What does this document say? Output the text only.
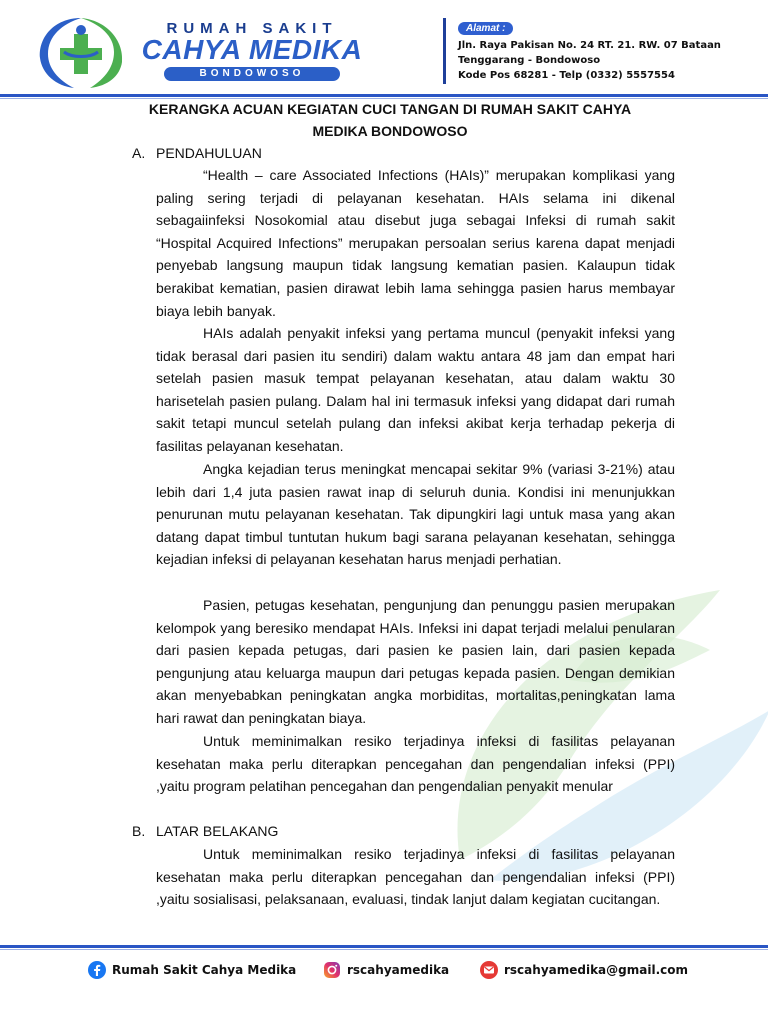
RUMAH SAKIT
CAHYA MEDIKA
BONDOWOSO
Alamat :
Jln. Raya Pakisan No. 24 RT. 21. RW. 07 Bataan
Tenggarang - Bondowoso
Kode Pos 68281 - Telp (0332) 5557554
KERANGKA ACUAN KEGIATAN CUCI TANGAN DI RUMAH SAKIT CAHYA
MEDIKA BONDOWOSO
A. PENDAHULUAN
“Health – care Associated Infections (HAIs)” merupakan komplikasi yang paling sering terjadi di pelayanan kesehatan. HAIs selama ini dikenal sebagaiinfeksi Nosokomial atau disebut juga sebagai Infeksi di rumah sakit “Hospital Acquired Infections” merupakan persoalan serius karena dapat menjadi penyebab langsung maupun tidak langsung kematian pasien. Kalaupun tidak berakibat kematian, pasien dirawat lebih lama sehingga pasien harus membayar biaya lebih banyak.
HAIs adalah penyakit infeksi yang pertama muncul (penyakit infeksi yang tidak berasal dari pasien itu sendiri) dalam waktu antara 48 jam dan empat hari setelah pasien masuk tempat pelayanan kesehatan, atau dalam waktu 30 harisetelah pasien pulang. Dalam hal ini termasuk infeksi yang didapat dari rumah sakit tetapi muncul setelah pulang dan infeksi akibat kerja terhadap pekerja di fasilitas pelayanan kesehatan.
Angka kejadian terus meningkat mencapai sekitar 9% (variasi 3-21%) atau lebih dari 1,4 juta pasien rawat inap di seluruh dunia. Kondisi ini menunjukkan penurunan mutu pelayanan kesehatan. Tak dipungkiri lagi untuk masa yang akan datang dapat timbul tuntutan hukum bagi sarana pelayanan kesehatan, sehingga kejadian infeksi di pelayanan kesehatan harus menjadi perhatian.
Pasien, petugas kesehatan, pengunjung dan penunggu pasien merupakan kelompok yang beresiko mendapat HAIs. Infeksi ini dapat terjadi melalui penularan dari pasien kepada petugas, dari pasien ke pasien lain, dari pasien kepada pengunjung atau keluarga maupun dari petugas kepada pasien. Dengan demikian akan menyebabkan peningkatan angka morbiditas, mortalitas,peningkatan lama hari rawat dan peningkatan biaya.
Untuk meminimalkan resiko terjadinya infeksi di fasilitas pelayanan kesehatan maka perlu diterapkan pencegahan dan pengendalian infeksi (PPI) ,yaitu program pelatihan pencegahan dan pengendalian penyakit menular
B. LATAR BELAKANG
Untuk meminimalkan resiko terjadinya infeksi di fasilitas pelayanan kesehatan maka perlu diterapkan pencegahan dan pengendalian infeksi (PPI) ,yaitu sosialisasi, pelaksanaan, evaluasi, tindak lanjut dalam kegiatan cucitangan.
Rumah Sakit Cahya Medika	rscahyamedika	rscahyamedika@gmail.com
